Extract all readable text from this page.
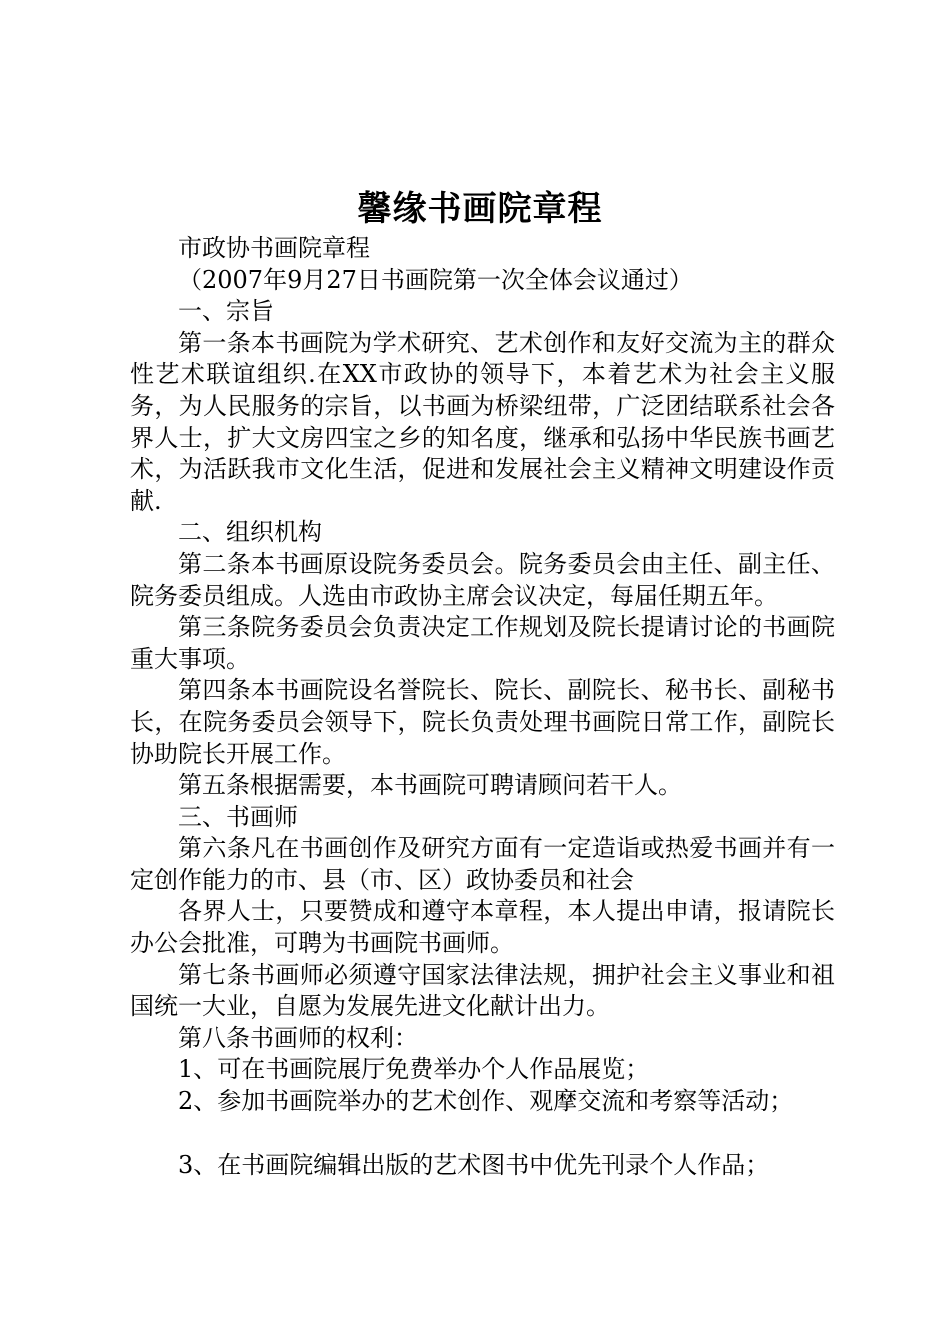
馨缘书画院章程

市政协书画院章程

（2007年9月27日书画院第一次全体会议通过）

一、宗旨

第一条本书画院为学术研究、艺术创作和友好交流为主的群众性艺术联谊组织.在XX市政协的领导下，本着艺术为社会主义服务，为人民服务的宗旨，以书画为桥梁纽带，广泛团结联系社会各界人士，扩大文房四宝之乡的知名度，继承和弘扬中华民族书画艺术，为活跃我市文化生活，促进和发展社会主义精神文明建设作贡献.

二、组织机构

第二条本书画原设院务委员会。院务委员会由主任、副主任、院务委员组成。人选由市政协主席会议决定，每届任期五年。

第三条院务委员会负责决定工作规划及院长提请讨论的书画院重大事项。

第四条本书画院设名誉院长、院长、副院长、秘书长、副秘书长，在院务委员会领导下，院长负责处理书画院日常工作，副院长协助院长开展工作。

第五条根据需要，本书画院可聘请顾问若干人。

三、书画师

第六条凡在书画创作及研究方面有一定造诣或热爱书画并有一定创作能力的市、县（市、区）政协委员和社会

各界人士，只要赞成和遵守本章程，本人提出申请，报请院长办公会批准，可聘为书画院书画师。

第七条书画师必须遵守国家法律法规，拥护社会主义事业和祖国统一大业，自愿为发展先进文化献计出力。

第八条书画师的权利：

1、可在书画院展厅免费举办个人作品展览；

2、参加书画院举办的艺术创作、观摩交流和考察等活动；

3、在书画院编辑出版的艺术图书中优先刊录个人作品；
